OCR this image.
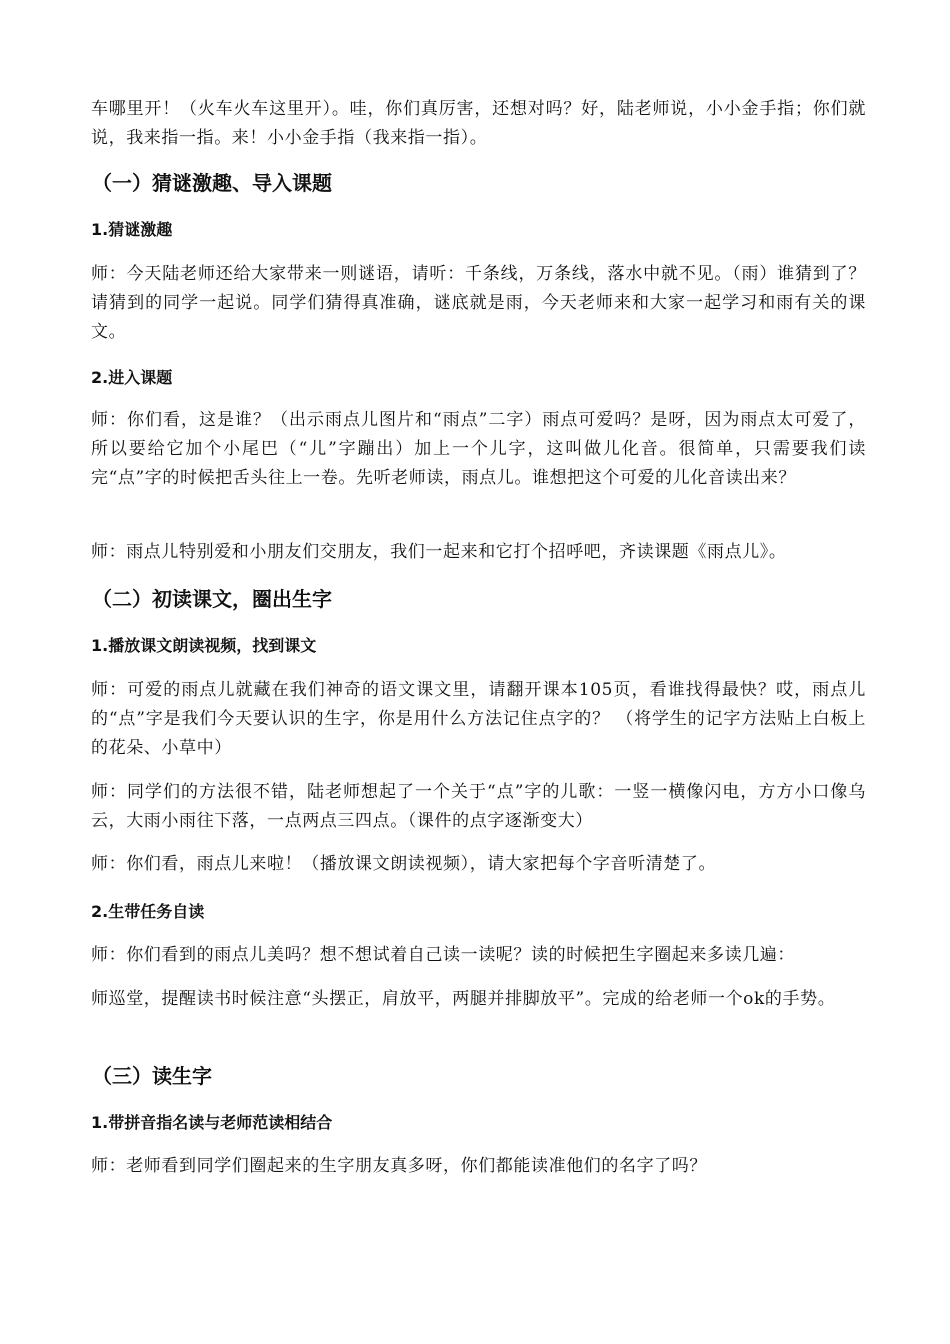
车哪里开！（火车火车这里开）。哇，你们真厉害，还想对吗？好，陆老师说，小小金手指；你们就说，我来指一指。来！小小金手指（我来指一指）。

（一）猜谜激趣、导入课题
1.猜谜激趣

师：今天陆老师还给大家带来一则谜语，请听：千条线，万条线，落水中就不见。（雨）谁猜到了？请猜到的同学一起说。同学们猜得真准确，谜底就是雨，今天老师来和大家一起学习和雨有关的课文。

2.进入课题

师：你们看，这是谁？（出示雨点儿图片和“雨点”二字）雨点可爱吗？是呀，因为雨点太可爱了，所以要给它加个小尾巴（“儿”字蹦出）加上一个儿字，这叫做儿化音。很简单，只需要我们读完“点”字的时候把舌头往上一卷。先听老师读，雨点儿。谁想把这个可爱的儿化音读出来？

师：雨点儿特别爱和小朋友们交朋友，我们一起来和它打个招呼吧，齐读课题《雨点儿》。

（二）初读课文，圈出生字
1.播放课文朗读视频，找到课文

师：可爱的雨点儿就藏在我们神奇的语文课文里，请翻开课本105页，看谁找得最快？哎，雨点儿的“点”字是我们今天要认识的生字，你是用什么方法记住点字的？ （将学生的记字方法贴上白板上的花朵、小草中）

师：同学们的方法很不错，陆老师想起了一个关于“点”字的儿歌：一竖一横像闪电，方方小口像乌云，大雨小雨往下落，一点两点三四点。（课件的点字逐渐变大）

师：你们看，雨点儿来啦！（播放课文朗读视频），请大家把每个字音听清楚了。

2.生带任务自读

师：你们看到的雨点儿美吗？想不想试着自己读一读呢？读的时候把生字圈起来多读几遍：

师巡堂，提醒读书时候注意“头摆正，肩放平，两腿并排脚放平”。完成的给老师一个ok的手势。

（三）读生字
1.带拼音指名读与老师范读相结合

师：老师看到同学们圈起来的生字朋友真多呀，你们都能读准他们的名字了吗？
